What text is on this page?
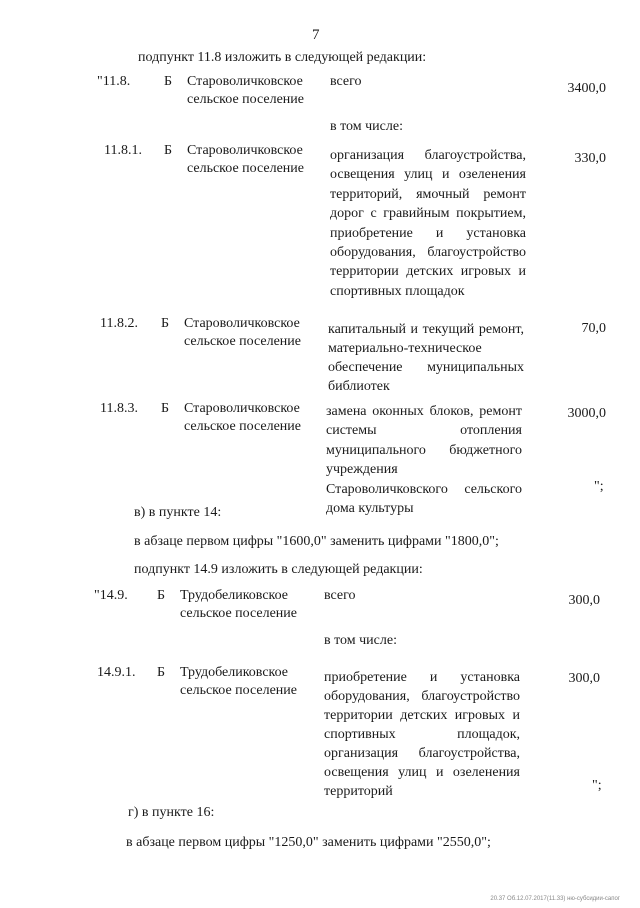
7
подпункт 11.8 изложить в следующей редакции:
"11.8. Б Староволичковское сельское поселение
всего	3400,0
в том числе:
11.8.1. Б Староволичковское сельское поселение
организация благоустройства, освещения улиц и озеленения территорий, ямочный ремонт дорог с гравийным покрытием, приобретение и установка оборудования, благоустройство территории детских игровых и спортивных площадок
330,0
11.8.2. Б Староволичковское сельское поселение
капитальный и текущий ремонт, материально-техническое обеспечение муниципальных библиотек
70,0
11.8.3. Б Староволичковское сельское поселение
замена оконных блоков, ремонт системы отопления муниципального бюджетного учреждения Староволичковского сельского дома культуры
3000,0
";
в) в пункте 14:
в абзаце первом цифры "1600,0" заменить цифрами "1800,0";
подпункт 14.9 изложить в следующей редакции:
"14.9. Б Трудобеликовское сельское поселение
всего	300,0
в том числе:
14.9.1. Б Трудобеликовское сельское поселение
приобретение и установка оборудования, благоустройство территории детских игровых и спортивных площадок, организация благоустройства, освещения улиц и озеленения территорий
300,0
";
г) в пункте 16:
в абзаце первом цифры "1250,0" заменить цифрами "2550,0";
20.37 Об.12.07.2017(11.33) ню-субсидии-сапог
